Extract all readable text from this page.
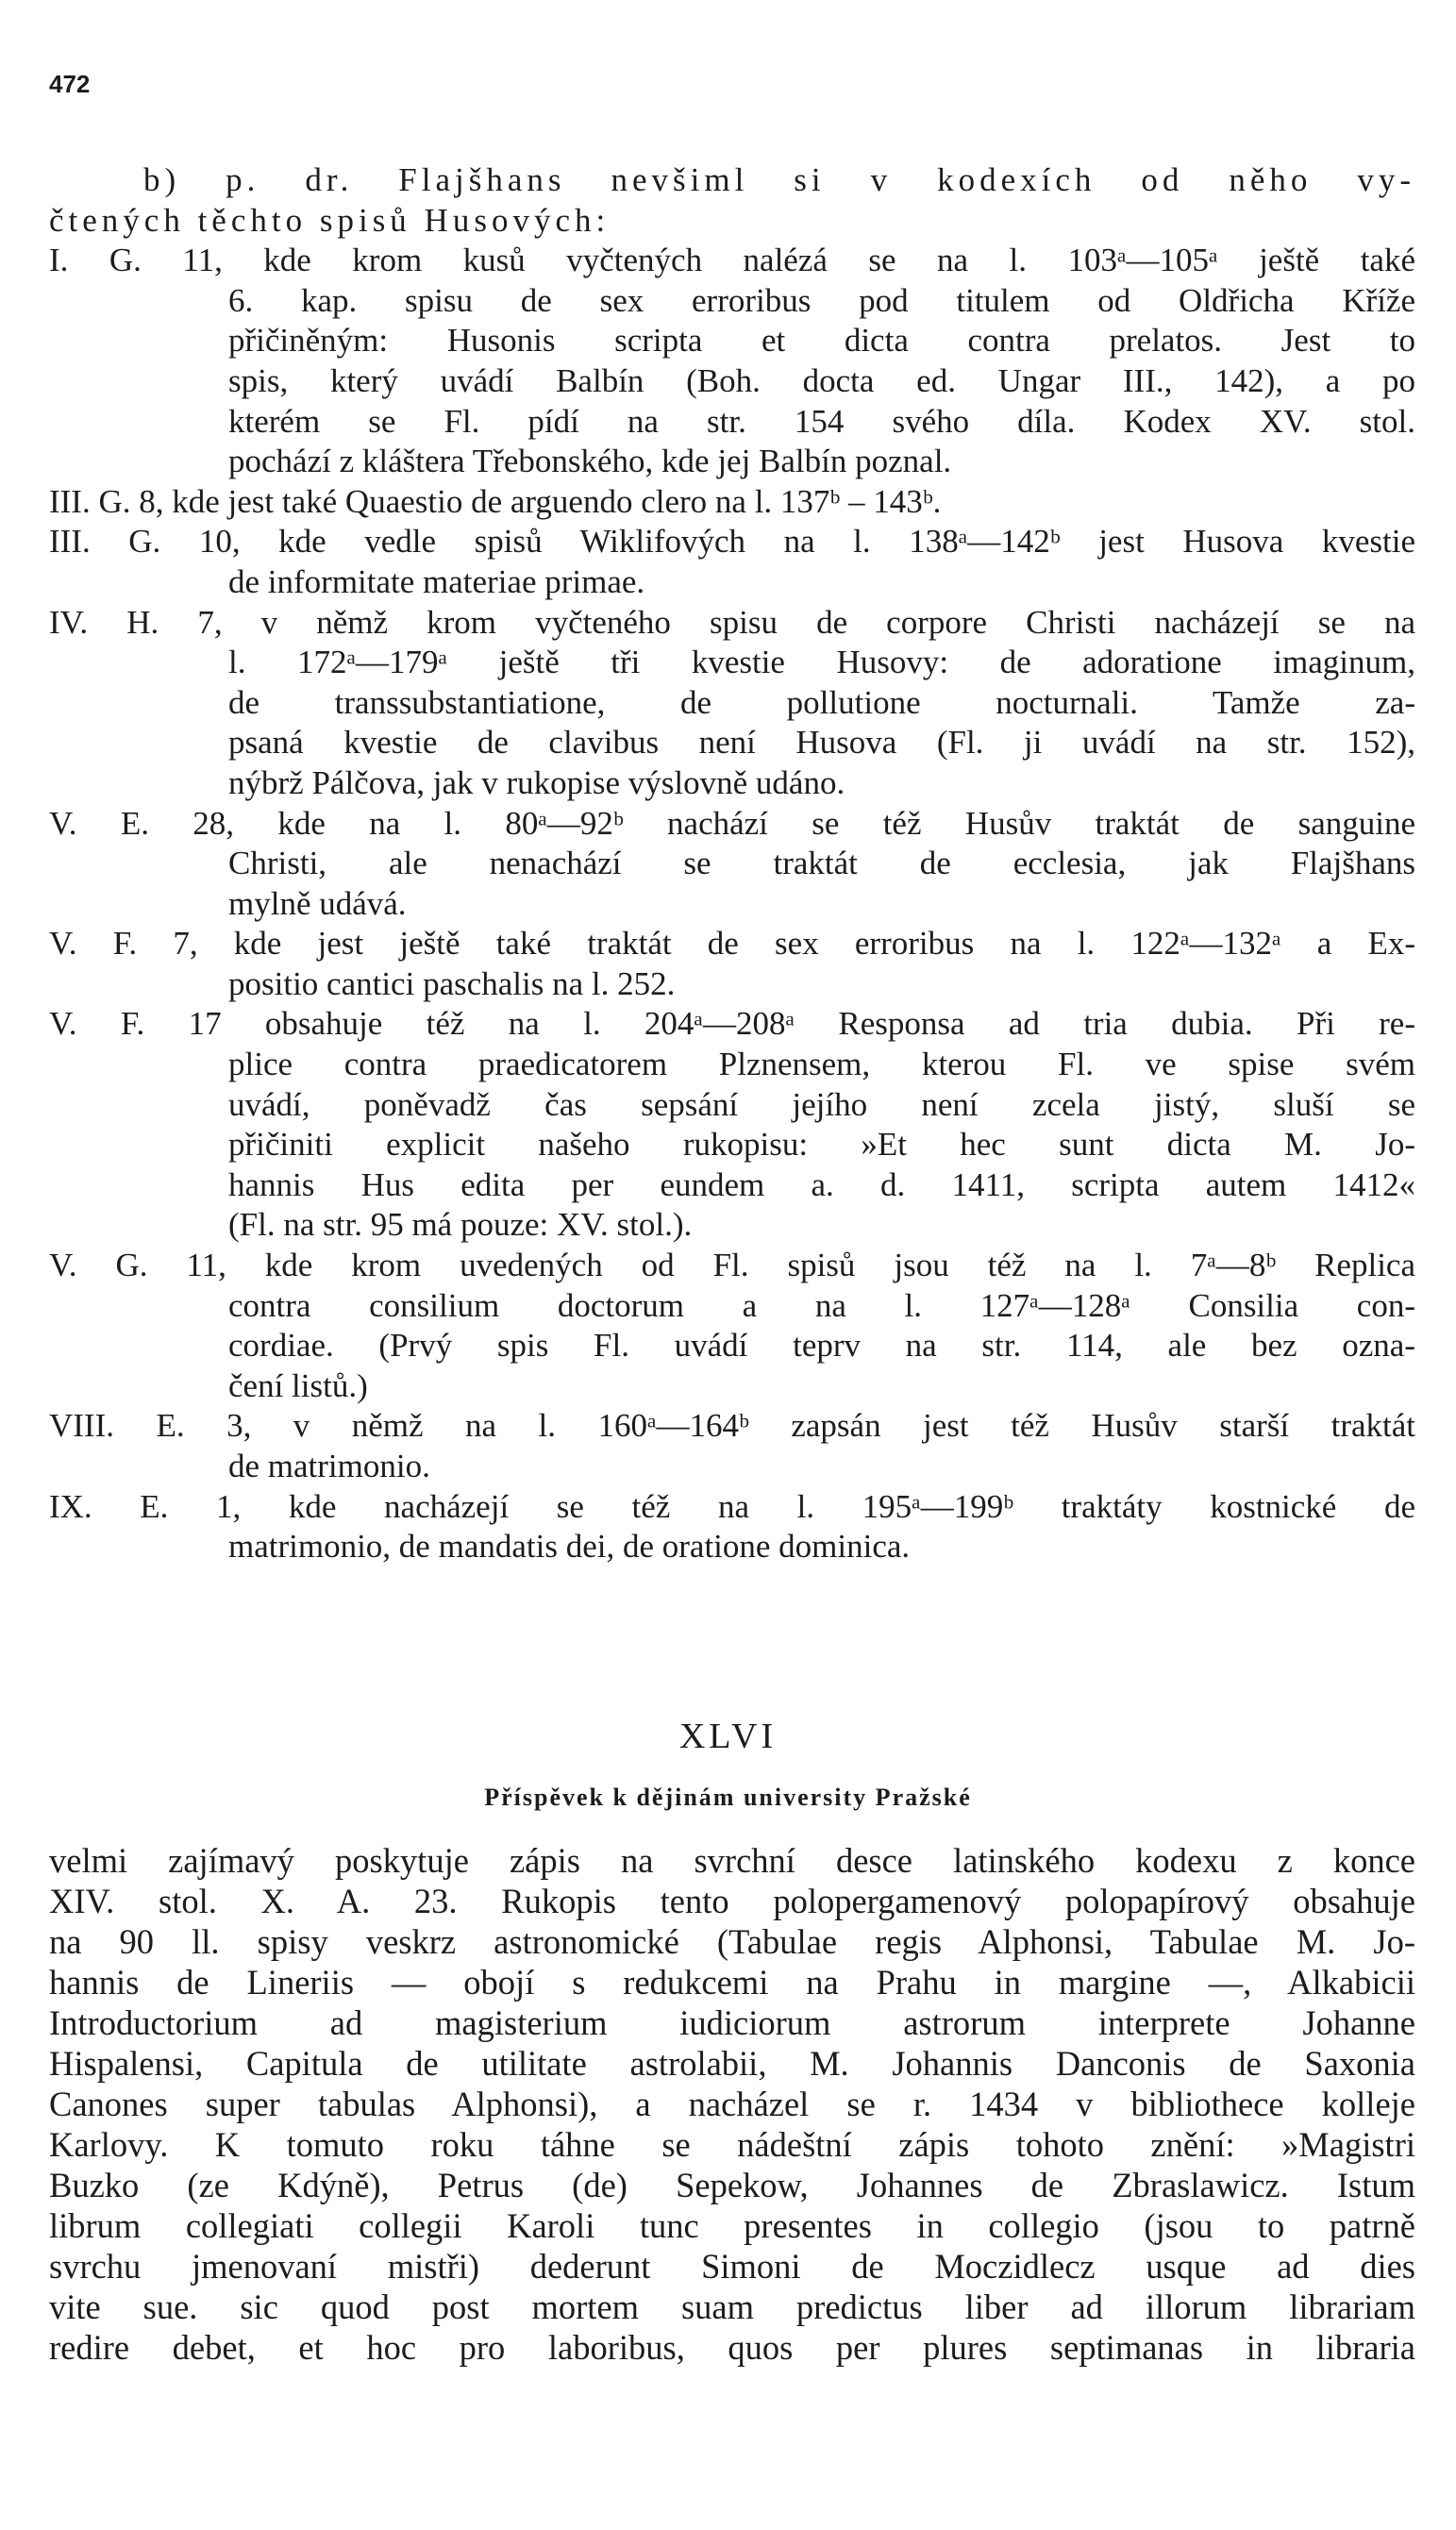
472
b) p. dr. Flajšhans nevšiml si v kodexích od něho vy-
čtených těchto spisů Husových:
I. G. 11, kde krom kusů vyčtených nalézá se na l. 103ᵃ—105ᵃ ještě také
6. kap. spisu de sex erroribus pod titulem od Oldřicha Kříže
přičiněným: Husonis scripta et dicta contra prelatos. Jest to
spis, který uvádí Balbín (Boh. docta ed. Ungar III., 142), a po
kterém se Fl. pídí na str. 154 svého díla. Kodex XV. stol.
pochází z kláštera Třebonského, kde jej Balbín poznal.
III. G. 8, kde jest také Quaestio de arguendo clero na l. 137ᵇ – 143ᵇ.
III. G. 10, kde vedle spisů Wiklifových na l. 138ᵃ—142ᵇ jest Husova kvestie
de informitate materiae primae.
IV. H. 7, v němž krom vyčteného spisu de corpore Christi nacházejí se na
l. 172ᵃ—179ᵃ ještě tři kvestie Husovy: de adoratione imaginum,
de transsubstantiatione, de pollutione nocturnali. Tamže za-
psaná kvestie de clavibus není Husova (Fl. ji uvádí na str. 152),
nýbrž Pálčova, jak v rukopise výslovně udáno.
V. E. 28, kde na l. 80ᵃ—92ᵇ nachází se též Husův traktát de sanguine
Christi, ale nenachází se traktát de ecclesia, jak Flajšhans
mylně udává.
V. F. 7, kde jest ještě také traktát de sex erroribus na l. 122ᵃ—132ᵃ a Ex-
positio cantici paschalis na l. 252.
V. F. 17 obsahuje též na l. 204ᵃ—208ᵃ Responsa ad tria dubia. Při re-
plice contra praedicatorem Plznensem, kterou Fl. ve spise svém
uvádí, poněvadž čas sepsání jejího není zcela jistý, sluší se
přičiniti explicit našeho rukopisu: »Et hec sunt dicta M. Jo-
hannis Hus edita per eundem a. d. 1411, scripta autem 1412«
(Fl. na str. 95 má pouze: XV. stol.).
V. G. 11, kde krom uvedených od Fl. spisů jsou též na l. 7ᵃ—8ᵇ Replica
contra consilium doctorum a na l. 127ᵃ—128ᵃ Consilia con-
cordiae. (Prvý spis Fl. uvádí teprv na str. 114, ale bez ozna-
čení listů.)
VIII. E. 3, v němž na l. 160ᵃ—164ᵇ zapsán jest též Husův starší traktát
de matrimonio.
IX. E. 1, kde nacházejí se též na l. 195ᵃ—199ᵇ traktáty kostnické de
matrimonio, de mandatis dei, de oratione dominica.
XLVI
Příspěvek k dějinám university Pražské
velmi zajímavý poskytuje zápis na svrchní desce latinského kodexu z konce
XIV. stol. X. A. 23. Rukopis tento polopergamenový polopapírový obsahuje
na 90 ll. spisy veskrz astronomické (Tabulae regis Alphonsi, Tabulae M. Jo-
hannis de Lineriis — obojí s redukcemi na Prahu in margine —, Alkabicii
Introductorium ad magisterium iudiciorum astrorum interprete Johanne
Hispalensi, Capitula de utilitate astrolabii, M. Johannis Danconis de Saxonia
Canones super tabulas Alphonsi), a nacházel se r. 1434 v bibliothece kolleje
Karlovy. K tomuto roku táhne se nádeštní zápis tohoto znění: »Magistri
Buzko (ze Kdýně), Petrus (de) Sepekow, Johannes de Zbraslawicz. Istum
librum collegiati collegii Karoli tunc presentes in collegio (jsou to patrně
svrchu jmenovaní mistři) dederunt Simoni de Moczidlecz usque ad dies
vite sue. sic quod post mortem suam predictus liber ad illorum librariam
redire debet, et hoc pro laboribus, quos per plures septimanas in libraria
